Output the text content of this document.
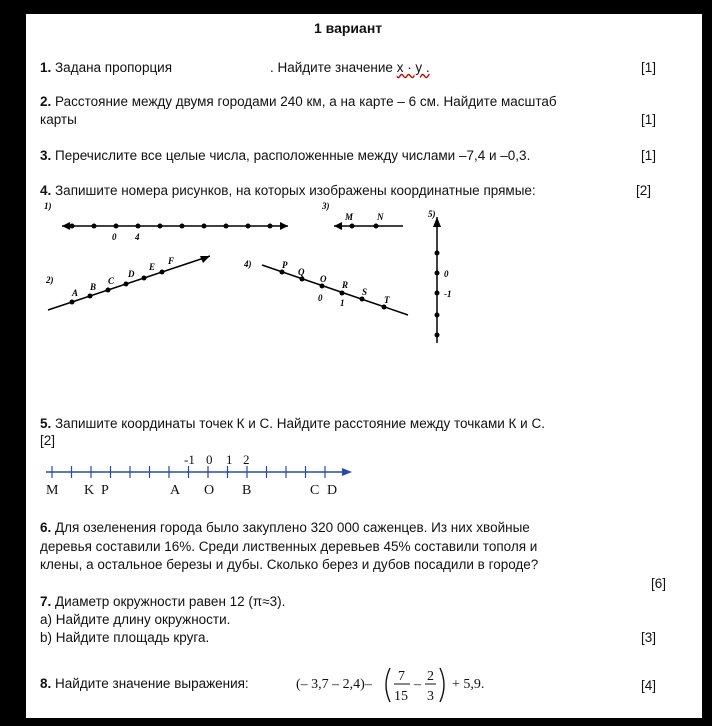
1 вариант
1. Задана пропорция	. Найдите значение х · у .	[1]
2. Расстояние между двумя городами 240 км, а на карте – 6 см. Найдите масштаб
карты	[1]
3. Перечислите все целые числа, расположенные между числами –7,4 и –0,3.	[1]
4. Запишите номера рисунков, на которых изображены координатные прямые:	[2]
1)
0 4
2)
A
B
C
D
E
F
3)
M	N
4)	P
Q
O
R
S
T
0 1
5)
0
-1
5. Запишите координаты точек К и С. Найдите расстояние между точками К и С.
[2]
-1 0 1 2
M K P	A O B	C D
6. Для озеленения города было закуплено 320 000 саженцев. Из них хвойные
деревья составили 16%. Среди лиственных деревьев 45% составили тополя и
клены, а остальное березы и дубы. Сколько берез и дубов посадили в городе?
[6]
7. Диаметр окружности равен 12 (π≈3).
a) Найдите длину окружности.
b) Найдите площадь круга.	[3]
8. Найдите значение выражения:	(– 3,7 – 2,4)–
7
15
–
2
3
+ 5,9.	[4]
